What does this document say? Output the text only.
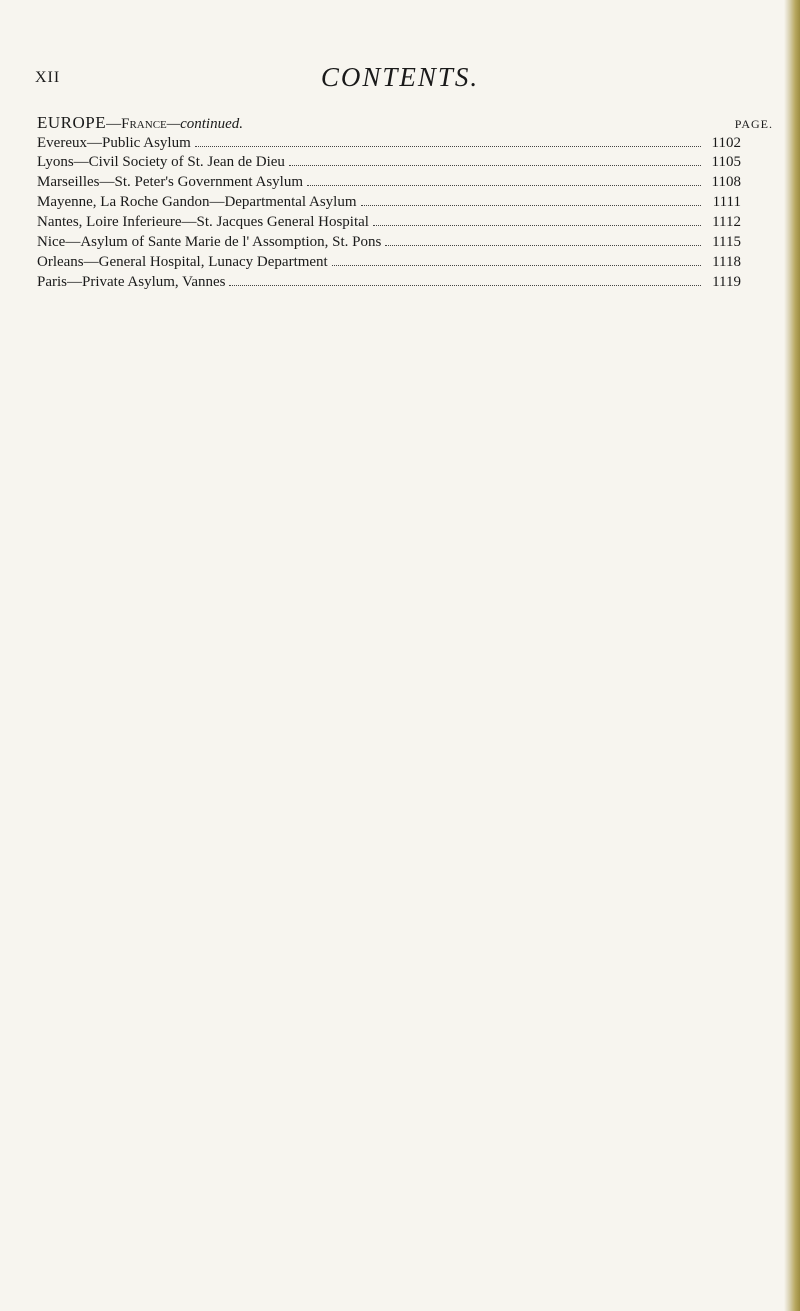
XII	CONTENTS.
EUROPE—France—continued.	PAGE.
Evereux—Public Asylum	1102
Lyons—Civil Society of St. Jean de Dieu	1105
Marseilles—St. Peter's Government Asylum	1108
Mayenne, La Roche Gandon—Departmental Asylum	1111
Nantes, Loire Inferieure—St. Jacques General Hospital	1112
Nice—Asylum of Sante Marie de l' Assomption, St. Pons	1115
Orleans—General Hospital, Lunacy Department	1118
Paris—Private Asylum, Vannes	1119
